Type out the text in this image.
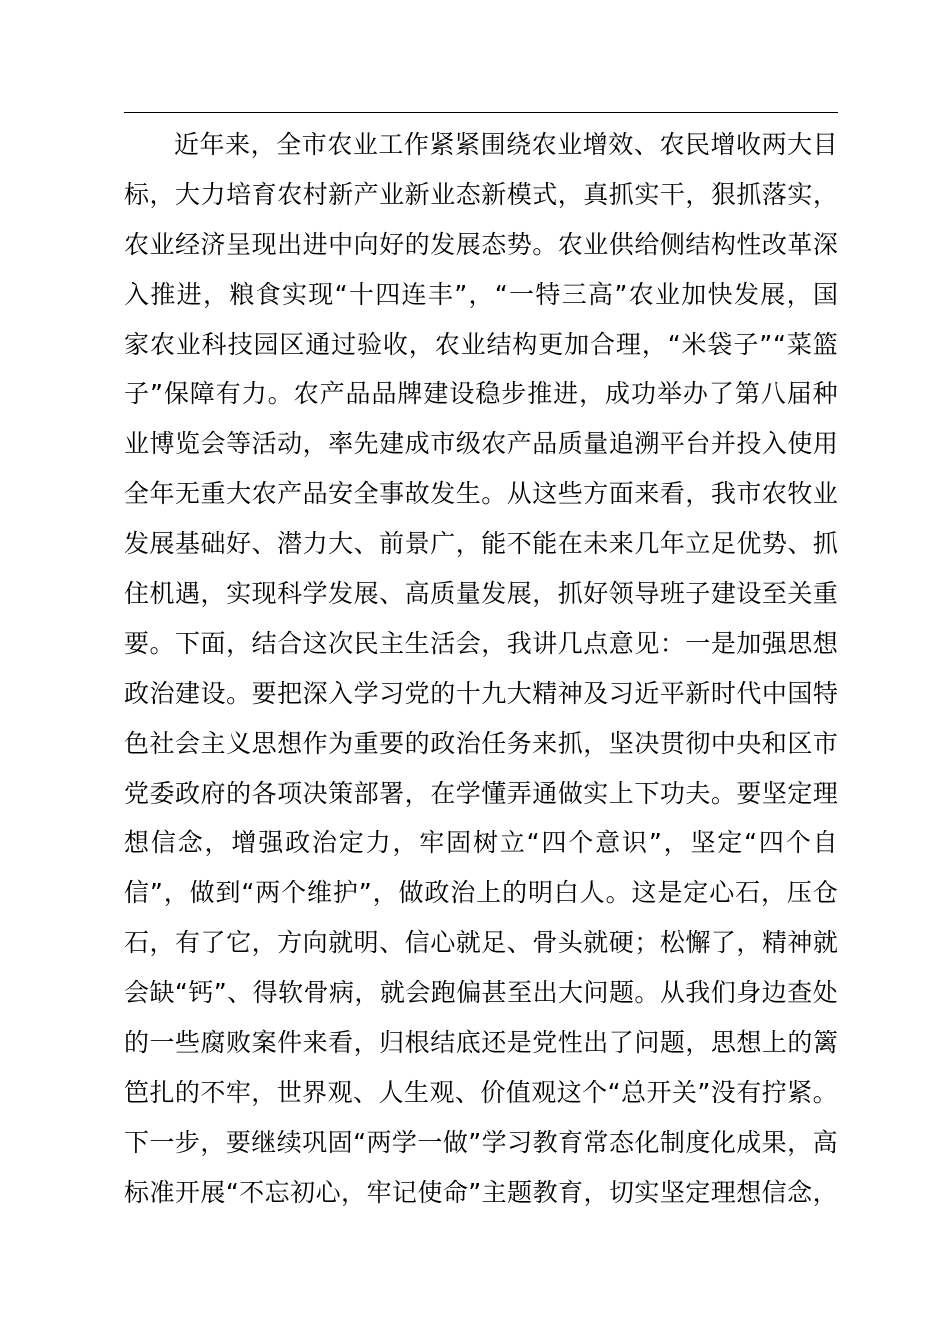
近 年 来 ， 全 市 农 业 工 作 紧 紧 围 绕 农 业 增 效 、 农 民 增 收 两 大 目
标 ， 大 力 培 育 农 村 新 产 业 新 业 态 新 模 式 ， 真 抓 实 干 ， 狠 抓 落 实 ，
农 业 经 济 呈 现 出 进 中 向 好 的 发 展 态 势 。 农 业 供 给 侧 结 构 性 改 革 深
入 推 进 ， 粮 食 实 现 “ 十 四 连 丰 ” ， “ 一 特 三 高 ” 农 业 加 快 发 展 ， 国
家 农 业 科 技 园 区 通 过 验 收 ， 农 业 结 构 更 加 合 理 ， “ 米 袋 子 ” “ 菜 篮
子 ” 保 障 有 力 。 农 产 品 品 牌 建 设 稳 步 推 进 ， 成 功 举 办 了 第 八 届 种
业 博 览 会 等 活 动 ， 率 先 建 成 市 级 农 产 品 质 量 追 溯 平 台 并 投 入 使 用
全 年 无 重 大 农 产 品 安 全 事 故 发 生 。 从 这 些 方 面 来 看 ， 我 市 农 牧 业
发 展 基 础 好 、 潜 力 大 、 前 景 广 ， 能 不 能 在 未 来 几 年 立 足 优 势 、 抓
住 机 遇 ， 实 现 科 学 发 展 、 高 质 量 发 展 ， 抓 好 领 导 班 子 建 设 至 关 重
要 。 下 面 ， 结 合 这 次 民 主 生 活 会 ， 我 讲 几 点 意 见 ： 一 是 加 强 思 想
政 治 建 设 。 要 把 深 入 学 习 党 的 十 九 大 精 神 及 习 近 平 新 时 代 中 国 特
色 社 会 主 义 思 想 作 为 重 要 的 政 治 任 务 来 抓 ， 坚 决 贯 彻 中 央 和 区 市
党 委 政 府 的 各 项 决 策 部 署 ， 在 学 懂 弄 通 做 实 上 下 功 夫 。 要 坚 定 理
想 信 念 ， 增 强 政 治 定 力 ， 牢 固 树 立 “ 四 个 意 识 ” ， 坚 定 “ 四 个 自
信 ” ， 做 到 “ 两 个 维 护 ” ， 做 政 治 上 的 明 白 人 。 这 是 定 心 石 ， 压 仓
石 ， 有 了 它 ， 方 向 就 明 、 信 心 就 足 、 骨 头 就 硬 ； 松 懈 了 ， 精 神 就
会 缺 “ 钙 ” 、 得 软 骨 病 ， 就 会 跑 偏 甚 至 出 大 问 题 。 从 我 们 身 边 查 处
的 一 些 腐 败 案 件 来 看 ， 归 根 结 底 还 是 党 性 出 了 问 题 ， 思 想 上 的 篱
笆 扎 的 不 牢 ， 世 界 观 、 人 生 观 、 价 值 观 这 个 “ 总 开 关 ” 没 有 拧 紧 。
下 一 步 ， 要 继 续 巩 固 “ 两 学 一 做 ” 学 习 教 育 常 态 化 制 度 化 成 果 ， 高
标 准 开 展 “ 不 忘 初 心 ， 牢 记 使 命 ” 主 题 教 育 ， 切 实 坚 定 理 想 信 念 ，
